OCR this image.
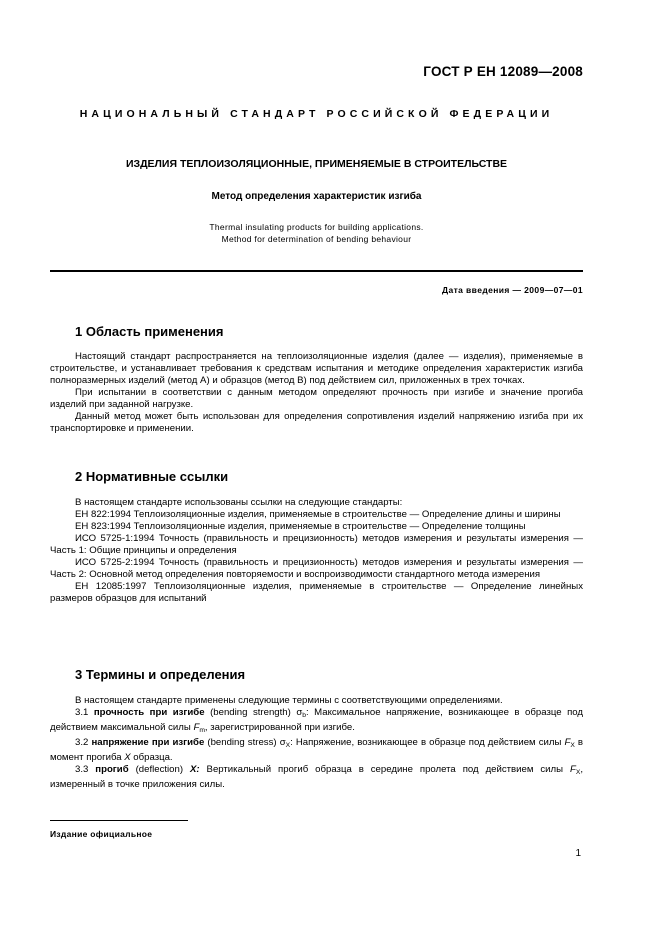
ГОСТ Р ЕН 12089—2008
НАЦИОНАЛЬНЫЙ СТАНДАРТ РОССИЙСКОЙ ФЕДЕРАЦИИ
ИЗДЕЛИЯ ТЕПЛОИЗОЛЯЦИОННЫЕ, ПРИМЕНЯЕМЫЕ В СТРОИТЕЛЬСТВЕ
Метод определения характеристик изгиба
Thermal insulating products for building applications.
Method for determination of bending behaviour
Дата введения — 2009—07—01
1 Область применения

Настоящий стандарт распространяется на теплоизоляционные изделия (далее — изделия), применяемые в строительстве, и устанавливает требования к средствам испытания и методике определения характеристик изгиба полноразмерных изделий (метод А) и образцов (метод В) под действием сил, приложенных в трех точках.

При испытании в соответствии с данным методом определяют прочность при изгибе и значение прогиба изделий при заданной нагрузке.

Данный метод может быть использован для определения сопротивления изделий напряжению изгиба при их транспортировке и применении.

2 Нормативные ссылки

В настоящем стандарте использованы ссылки на следующие стандарты:

ЕН 822:1994 Теплоизоляционные изделия, применяемые в строительстве — Определение длины и ширины

ЕН 823:1994 Теплоизоляционные изделия, применяемые в строительстве — Определение толщины

ИСО 5725-1:1994 Точность (правильность и прецизионность) методов измерения и результаты измерения — Часть 1: Общие принципы и определения

ИСО 5725-2:1994 Точность (правильность и прецизионность) методов измерения и результаты измерения — Часть 2: Основной метод определения повторяемости и воспроизводимости стандартного метода измерения

ЕН 12085:1997 Теплоизоляционные изделия, применяемые в строительстве — Определение линейных размеров образцов для испытаний

3 Термины и определения

В настоящем стандарте применены следующие термины с соответствующими определениями.

3.1 прочность при изгибе (bending strength) $\sigma_b$: Максимальное напряжение, возникающее в образце под действием максимальной силы $F_m$, зарегистрированной при изгибе.

3.2 напряжение при изгибе (bending stress) $\sigma_X$: Напряжение, возникающее в образце под действием силы $F_X$ в момент прогиба X образца.

3.3 прогиб (deflection) X: Вертикальный прогиб образца в середине пролета под действием силы $F_X$, измеренный в точке приложения силы.

Издание официальное
1
